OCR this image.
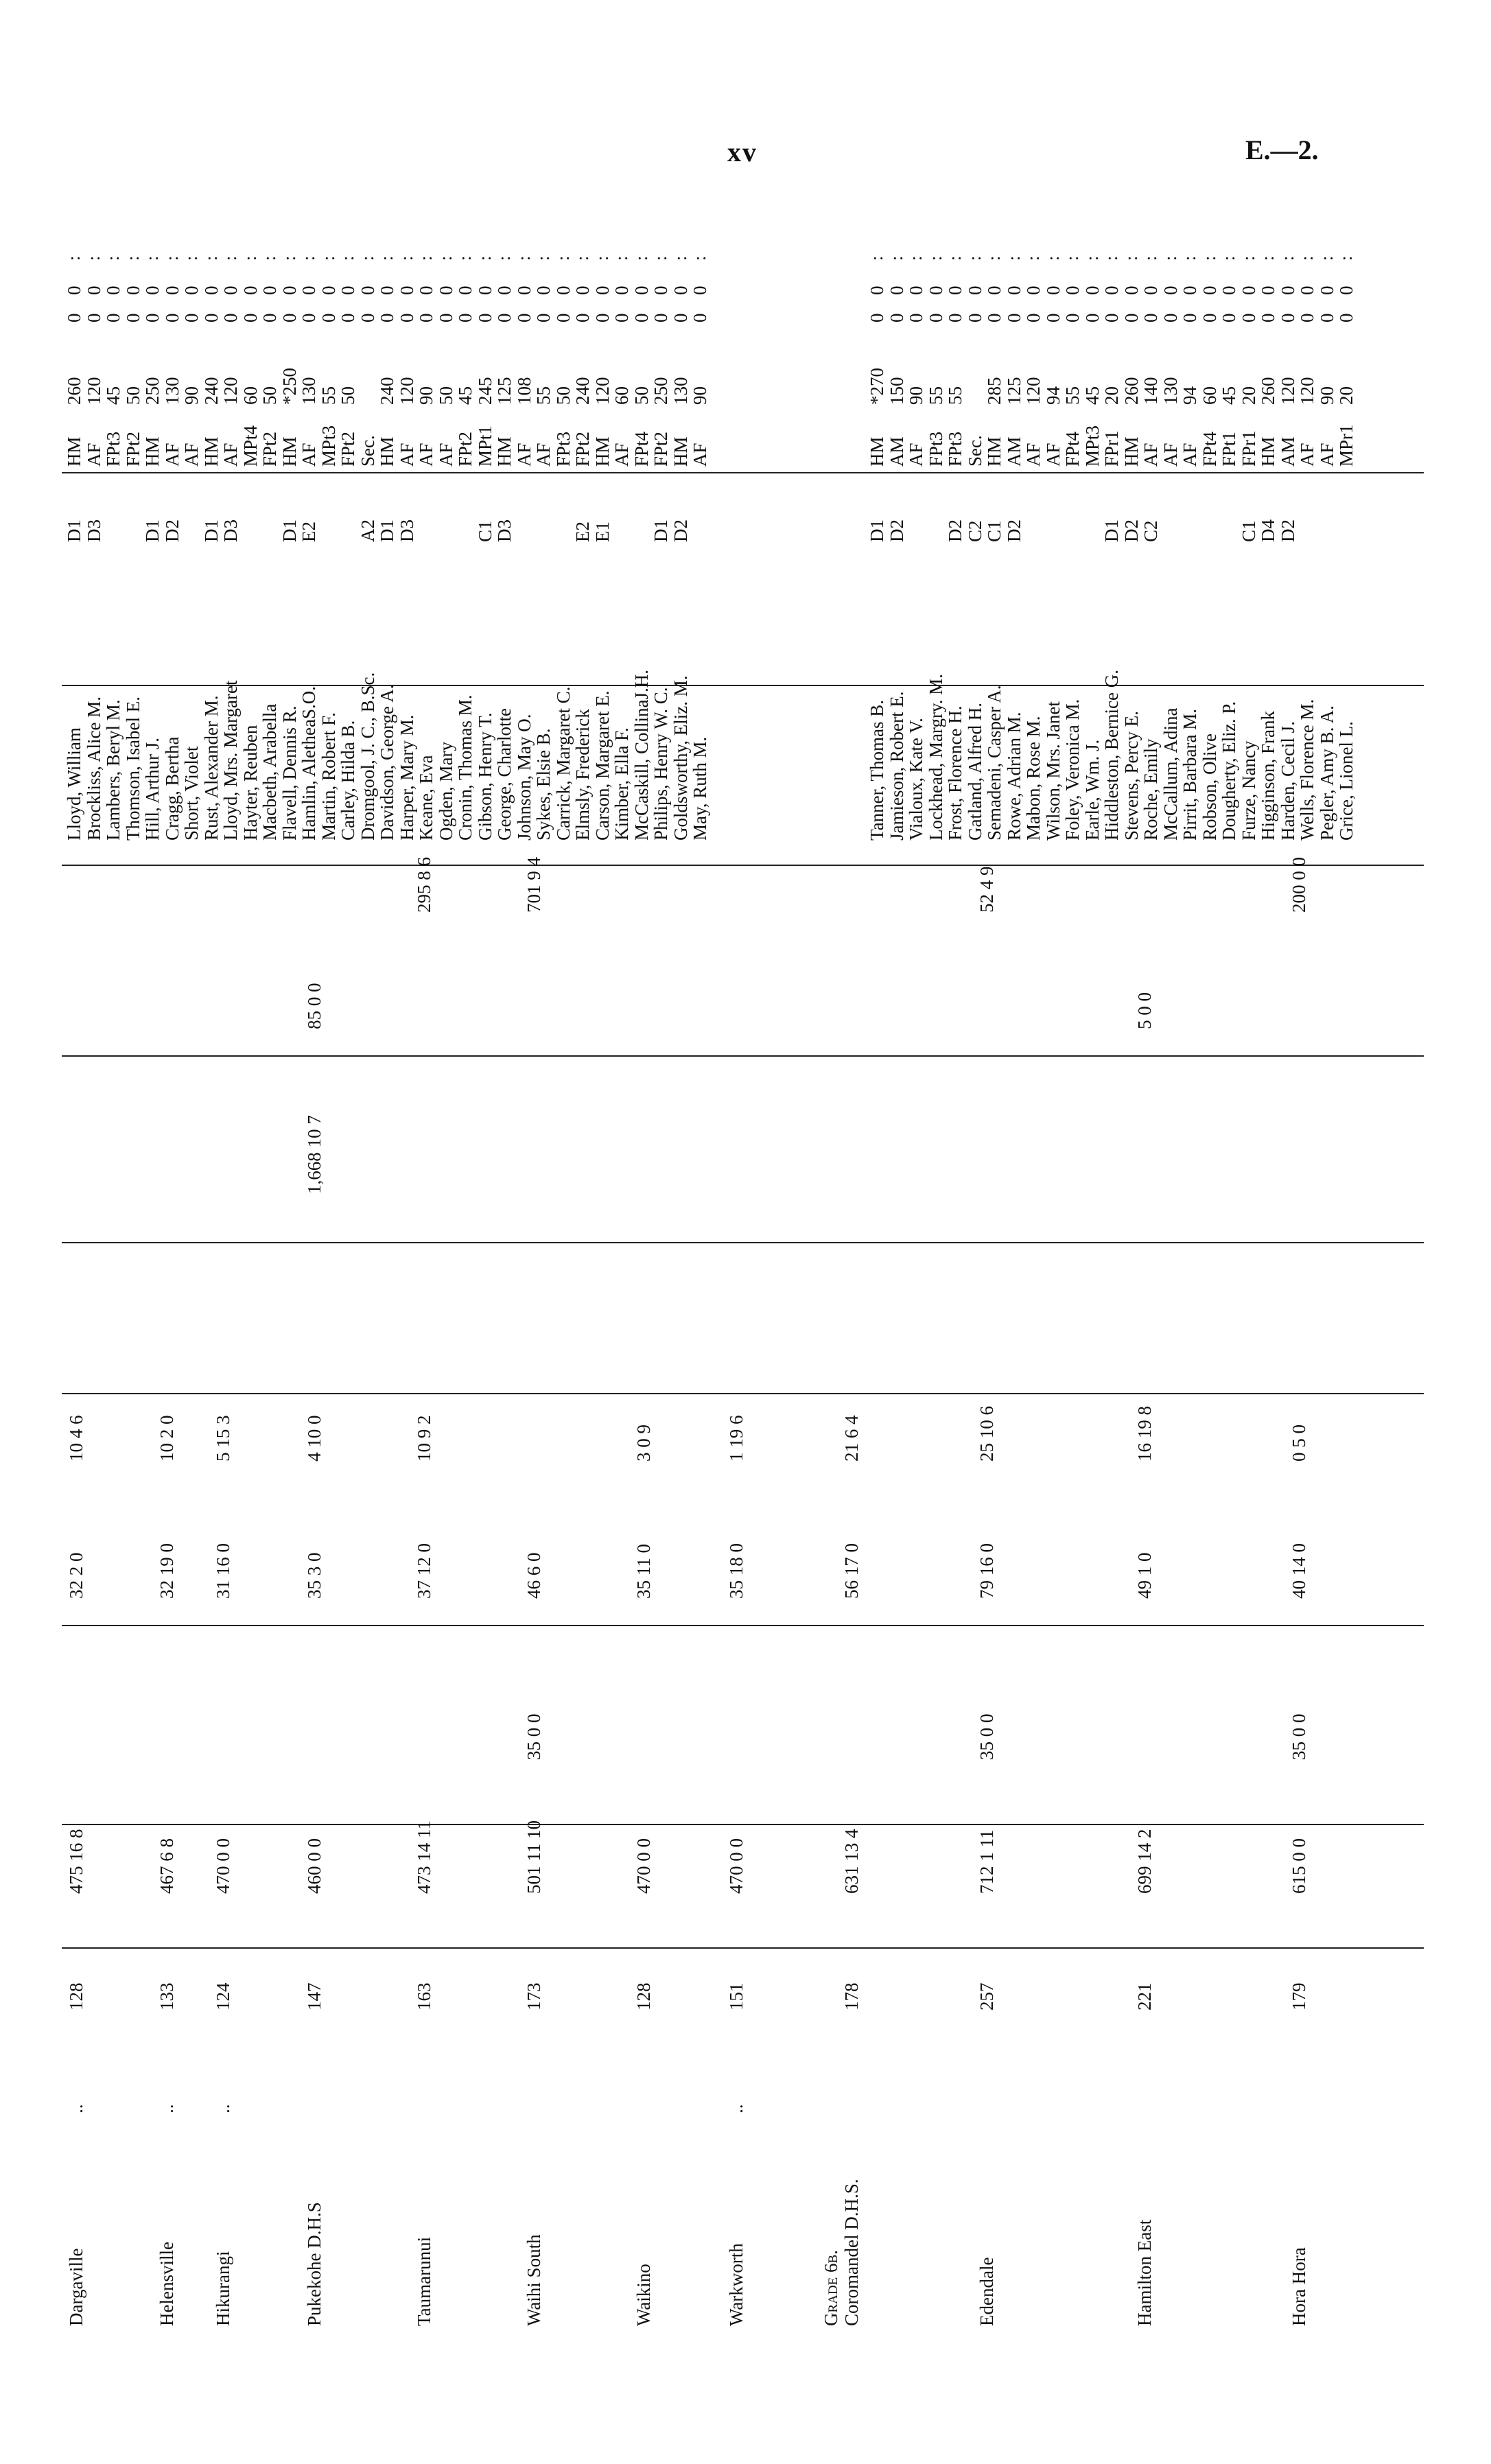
xv	E.—2.
Dargaville
..
128
475 16 8
32 2 0
10 4 6
Helensville
..
133
467 6 8
32 19 0
10 2 0
Hikurangi
..
124
470 0 0
31 16 0
5 15 3
Pukekohe D.H.S
147
460 0 0
35 3 0
4 10 0
1,668 10 7
85 0 0
Taumarunui
163
473 14 11
37 12 0
10 9 2
295 8 6
Waihi South
173
501 11 10
35 0 0
46 6 0
701 9 4
Waikino
128
470 0 0
35 11 0
3 0 9
Warkworth
..
151
470 0 0
35 18 0
1 19 6
Grade 6b. Coromandel D.H.S.
178
631 13 4
56 17 0
21 6 4
Edendale
257
712 1 11
35 0 0
79 16 0
25 10 6
52 4 9
Hamilton East
221
699 14 2
49 1 0
16 19 8
5 0 0
Hora Hora
179
615 0 0
35 0 0
40 14 0
0 5 0
200 0 0
Lloyd, William
D1
HM
260
0
0
:
Brockliss, Alice M.
D3
AF
120
0
0
:
Lambers, Beryl M.
FPt3
45
0
0
:
Thomson, Isabel E.
FPt2
50
0
0
:
Hill, Arthur J.
D1
HM
250
0
0
:
Cragg, Bertha
D2
AF
130
0
0
:
Short, Violet
AF
90
0
0
:
Rust, Alexander M.
D1
HM
240
0
0
:
Lloyd, Mrs. Margaret
D3
AF
120
0
0
:
Hayter, Reuben
MPt4
60
0
0
:
Macbeth, Arabella
FPt2
50
0
0
:
Flavell, Dennis R.
D1
HM
*250
0
0
:
Hamlin, AletheaS.O.
E2
AF
130
0
0
:
Martin, Robert F.
MPt3
55
0
0
:
Carley, Hilda B.
FPt2
50
0
0
:
Dromgool, J. C., B.Sc.
A2
Sec.
0
0
:
Davidson, George A.
D1
HM
240
0
0
:
Harper, Mary M.
D3
AF
120
0
0
:
Keane, Eva
AF
90
0
0
:
Ogden, Mary
AF
50
0
0
:
Cronin, Thomas M.
FPt2
45
0
0
:
Gibson, Henry T.
C1
MPt1
245
0
0
:
George, Charlotte
D3
HM
125
0
0
:
Johnson, May O.
AF
108
0
0
:
Sykes, Elsie B.
AF
55
0
0
:
Carrick, Margaret C.
FPt3
50
0
0
:
Elmsly, Frederick
E2
FPt2
240
0
0
:
Carson, Margaret E.
E1
HM
120
0
0
:
Kimber, Ella F.
AF
60
0
0
:
McCaskill, CollinaJ.H.
FPt4
50
0
0
:
Philips, Henry W. C.
D1
FPt2
250
0
0
:
Goldsworthy, Eliz. M.
D2
HM
130
0
0
:
May, Ruth M.
AF
90
0
0
:
Tanner, Thomas B.
D1
HM
*270
0
0
:
Jamieson, Robert E.
D2
AM
150
0
0
:
Vialoux, Kate V.
AF
90
0
0
:
Lockhead, Margry. M.
FPt3
55
0
0
:
Frost, Florence H.
D2
FPt3
55
0
0
:
Gatland, Alfred H.
C2
Sec.
0
0
:
Semadeni, Casper A.
C1
HM
285
0
0
:
Rowe, Adrian M.
D2
AM
125
0
0
:
Mabon, Rose M.
AF
120
0
0
:
Wilson, Mrs. Janet
AF
94
0
0
:
Foley, Veronica M.
FPt4
55
0
0
:
Earle, Wm. J.
MPt3
45
0
0
:
Hiddleston, Bernice G.
D1
FPr1
20
0
0
:
Stevens, Percy E.
D2
HM
260
0
0
:
Roche, Emily
C2
AF
140
0
0
:
McCallum, Adina
AF
130
0
0
:
Pirrit, Barbara M.
AF
94
0
0
:
Robson, Olive
FPt4
60
0
0
:
Dougherty, Eliz. P.
FPt1
45
0
0
:
Furze, Nancy
C1
FPr1
20
0
0
:
Higginson, Frank
D4
HM
260
0
0
:
Harden, Cecil J.
D2
AM
120
0
0
:
Wells, Florence M.
AF
120
0
0
:
Pegler, Amy B. A.
AF
90
0
0
:
Grice, Lionel L.
MPr1
20
0
0
:
